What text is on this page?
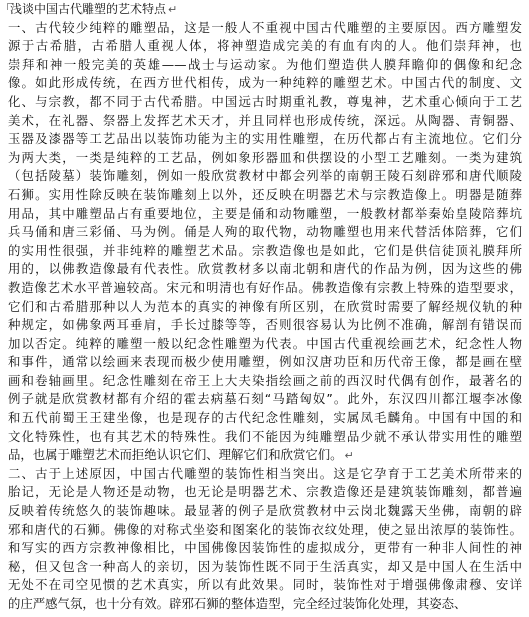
浅谈中国古代雕塑的艺术特点 ↵
一、古代较少纯粹的雕塑品，这是一般人不重视中国古代雕塑的主要原因。西方雕塑发
源于古希腊，古希腊人重视人体，将神塑造成完美的有血有肉的人。他们崇拜神，也
崇拜和神一般完美的英雄——战士与运动家。为他们塑造供人膜拜瞻仰的偶像和纪念
像。如此形成传统，在西方世代相传，成为一种纯粹的雕塑艺术。中国古代的制度、文
化、与宗教，都不同于古代希腊。中国远古时期重礼教，尊鬼神，艺术重心倾向于工艺
美术，在礼器、祭器上发挥艺术天才，并且同样也形成传统，深远。从陶器、青铜器、
玉器及漆器等工艺品出以装饰功能为主的实用性雕塑，在历代都占有主流地位。它们分
为两大类，一类是纯粹的工艺品，例如象形器皿和供摆设的小型工艺雕刻。一类为建筑
（包括陵墓）装饰雕刻，例如一般欣赏教材中都会列举的南朝王陵石刻辟邪和唐代顺陵
石狮。实用性除反映在装饰雕刻上以外，还反映在明器艺术与宗教造像上。明器是随葬
用品，其中雕塑品占有重要地位，主要是俑和动物雕塑，一般教材都举秦始皇陵陪葬坑
兵马俑和唐三彩俑、马为例。俑是人殉的取代物，动物雕塑也用来代替活体陪葬，它们
的实用性很强，并非纯粹的雕塑艺术品。宗教造像也是如此，它们是供信徒顶礼膜拜所
用的，以佛教造像最有代表性。欣赏教材多以南北朝和唐代的作品为例，因为这些的佛
教造像艺术水平普遍较高。宋元和明清也有好作品。佛教造像有宗教上特殊的造型要求，
它们和古希腊那种以人为范本的真实的神像有所区别，在欣赏时需要了解经规仪轨的种
种规定，如佛象两耳垂肩，手长过膝等等，否则很容易认为比例不准确，解剖有错误而
加以否定。纯粹的雕塑一般以纪念性雕塑为代表。中国古代重视绘画艺术，纪念性人物
和事件，通常以绘画来表现而极少使用雕塑，例如汉唐功臣和历代帝王像，都是画在壁
画和卷轴画里。纪念性雕刻在帝王上大夫染指绘画之前的西汉时代偶有创作，最著名的
例子就是欣赏教材都有介绍的霍去病墓石刻“马踏匈奴”。此外，东汉四川都江堰李冰像
和五代前蜀王王建坐像，也是现存的古代纪念性雕刻，实属凤毛麟角。中国有中国的和
文化特殊性，也有其艺术的特殊性。我们不能因为纯雕塑品少就不承认带实用性的雕塑
品，也属于雕塑艺术而拒绝认识它们、理解它们和欣赏它们。 ↵
二、古于上述原因，中国古代雕塑的装饰性相当突出。这是它孕育于工艺美术所带来的
胎记，无论是人物还是动物，也无论是明器艺术、宗教造像还是建筑装饰雕刻，都普遍
反映着传统悠久的装饰趣味。最显著的例子是欣赏教材中云岗北魏露天坐佛，南朝的辟
邪和唐代的石狮。佛像的对称式坐姿和图案化的装饰衣纹处理，使之显出浓厚的装饰性。
和写实的西方宗教神像相比，中国佛像因装饰性的虚拟成分，更带有一种非人间性的神
秘，但又包含一种高人的亲切，因为装饰性既不同于生活真实，却又是中国人在生活中
无处不在司空见惯的艺术真实，所以有此效果。同时，装饰性对于增强佛像肃穆、安详
的庄严感气氛，也十分有效。辟邪石狮的整体造型，完全经过装饰化处理，其姿态、
